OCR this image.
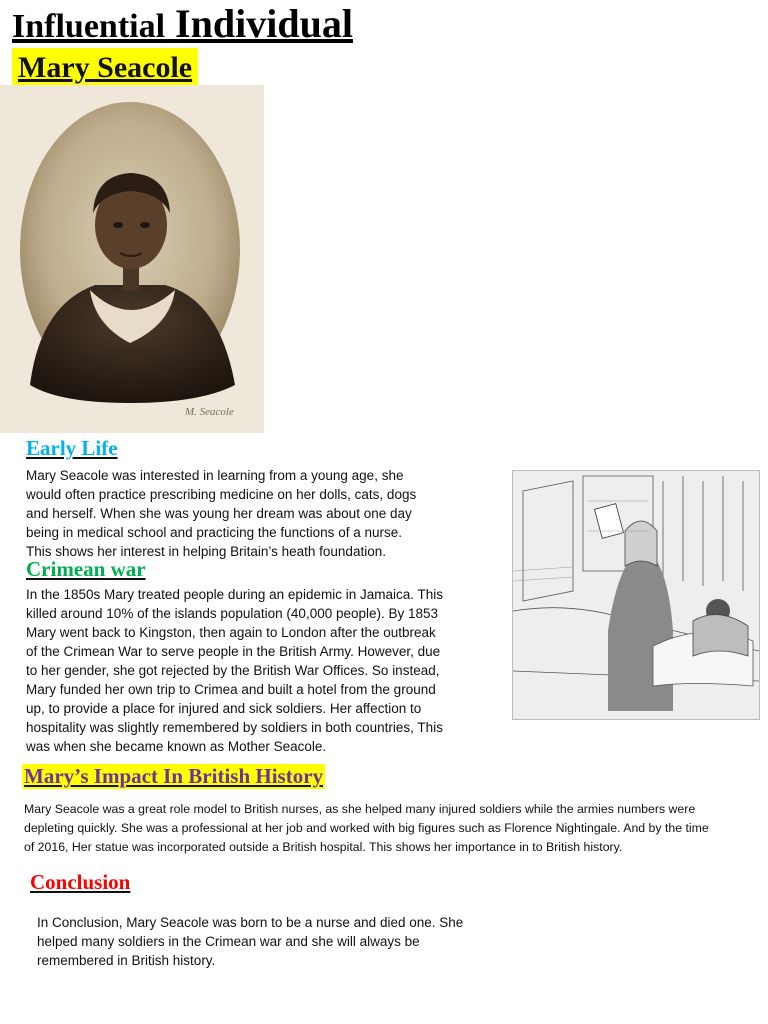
Influential Individual
Mary Seacole
M. Seacole
Early Life
Mary Seacole was interested in learning from a young age, she
would often practice prescribing medicine on her dolls, cats, dogs
and herself. When she was young her dream was about one day
being in medical school and practicing the functions of a nurse.
This shows her interest in helping Britain’s heath foundation.
Crimean war
In the 1850s Mary treated people during an epidemic in Jamaica. This
killed around 10% of the islands population (40,000 people). By 1853
Mary went back to Kingston, then again to London after the outbreak
of the Crimean War to serve people in the British Army. However, due
to her gender, she got rejected by the British War Offices. So instead,
Mary funded her own trip to Crimea and built a hotel from the ground
up, to provide a place for injured and sick soldiers. Her affection to
hospitality was slightly remembered by soldiers in both countries, This
was when she became known as Mother Seacole.
Mary’s Impact In British History
Mary Seacole was a great role model to British nurses, as she helped many injured soldiers while the armies numbers were
depleting quickly. She was a professional at her job and worked with big figures such as Florence Nightingale. And by the time
of 2016, Her statue was incorporated outside a British hospital. This shows her importance in to British history.
Conclusion
In Conclusion, Mary Seacole was born to be a nurse and died one. She
helped many soldiers in the Crimean war and she will always be
remembered in British history.
